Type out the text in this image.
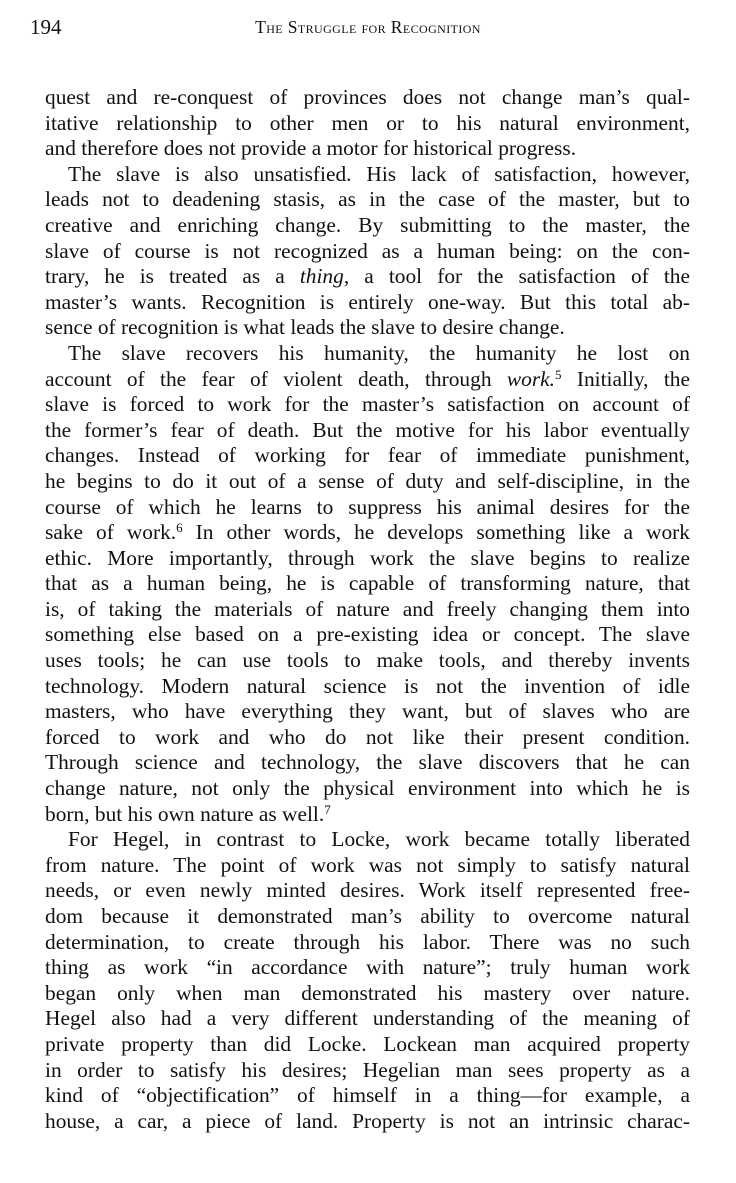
194	The Struggle for Recognition

quest and re-conquest of provinces does not change man’s qual-
itative relationship to other men or to his natural environment,
and therefore does not provide a motor for historical progress.

The slave is also unsatisfied. His lack of satisfaction, however,
leads not to deadening stasis, as in the case of the master, but to
creative and enriching change. By submitting to the master, the
slave of course is not recognized as a human being: on the con-
trary, he is treated as a thing, a tool for the satisfaction of the
master’s wants. Recognition is entirely one-way. But this total ab-
sence of recognition is what leads the slave to desire change.

The slave recovers his humanity, the humanity he lost on
account of the fear of violent death, through work.$^5$ Initially, the
slave is forced to work for the master’s satisfaction on account of
the former’s fear of death. But the motive for his labor eventually
changes. Instead of working for fear of immediate punishment,
he begins to do it out of a sense of duty and self-discipline, in the
course of which he learns to suppress his animal desires for the
sake of work.$^6$ In other words, he develops something like a work
ethic. More importantly, through work the slave begins to realize
that as a human being, he is capable of transforming nature, that
is, of taking the materials of nature and freely changing them into
something else based on a pre-existing idea or concept. The slave
uses tools; he can use tools to make tools, and thereby invents
technology. Modern natural science is not the invention of idle
masters, who have everything they want, but of slaves who are
forced to work and who do not like their present condition.
Through science and technology, the slave discovers that he can
change nature, not only the physical environment into which he is
born, but his own nature as well.$^7$

For Hegel, in contrast to Locke, work became totally liberated
from nature. The point of work was not simply to satisfy natural
needs, or even newly minted desires. Work itself represented free-
dom because it demonstrated man’s ability to overcome natural
determination, to create through his labor. There was no such
thing as work “in accordance with nature”; truly human work
began only when man demonstrated his mastery over nature.
Hegel also had a very different understanding of the meaning of
private property than did Locke. Lockean man acquired property
in order to satisfy his desires; Hegelian man sees property as a
kind of “objectification” of himself in a thing—for example, a
house, a car, a piece of land. Property is not an intrinsic charac-
